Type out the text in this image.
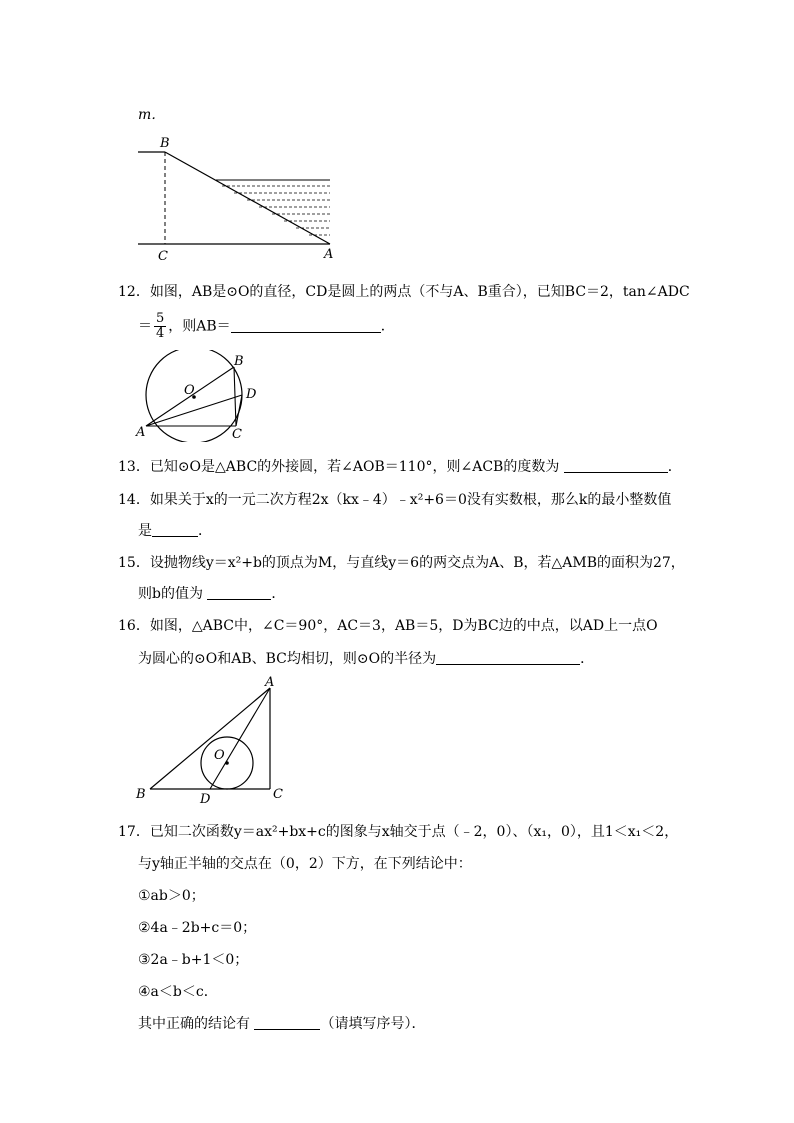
m．
B
C	A
12．如图，AB是⊙O的直径，CD是圆上的两点（不与A、B重合），已知BC＝2，tan∠ADC
＝ $\frac{5}{4}$ ，则AB＝	．
B
O	D
A	C
13．已知⊙O是△ABC的外接圆，若∠AOB＝110°，则∠ACB的度数为	．
14．如果关于x的一元二次方程2x（kx﹣4）﹣x²+6＝0没有实数根，那么k的最小整数值
是	．
15．设抛物线y＝x²+b的顶点为M，与直线y＝6的两交点为A、B，若△AMB的面积为27，
则b的值为	．
16．如图，△ABC中，∠C＝90°，AC＝3，AB＝5，D为BC边的中点，以AD上一点O
为圆心的⊙O和AB、BC均相切，则⊙O的半径为	．
A
O
B	D	C
17．已知二次函数y＝ax²+bx+c的图象与x轴交于点（﹣2，0）、（x₁，0），且1＜x₁＜2，
与y轴正半轴的交点在（0，2）下方，在下列结论中：
①ab＞0；
②4a﹣2b+c＝0；
③2a﹣b+1＜0；
④a＜b＜c．
其中正确的结论有	（请填写序号）．
